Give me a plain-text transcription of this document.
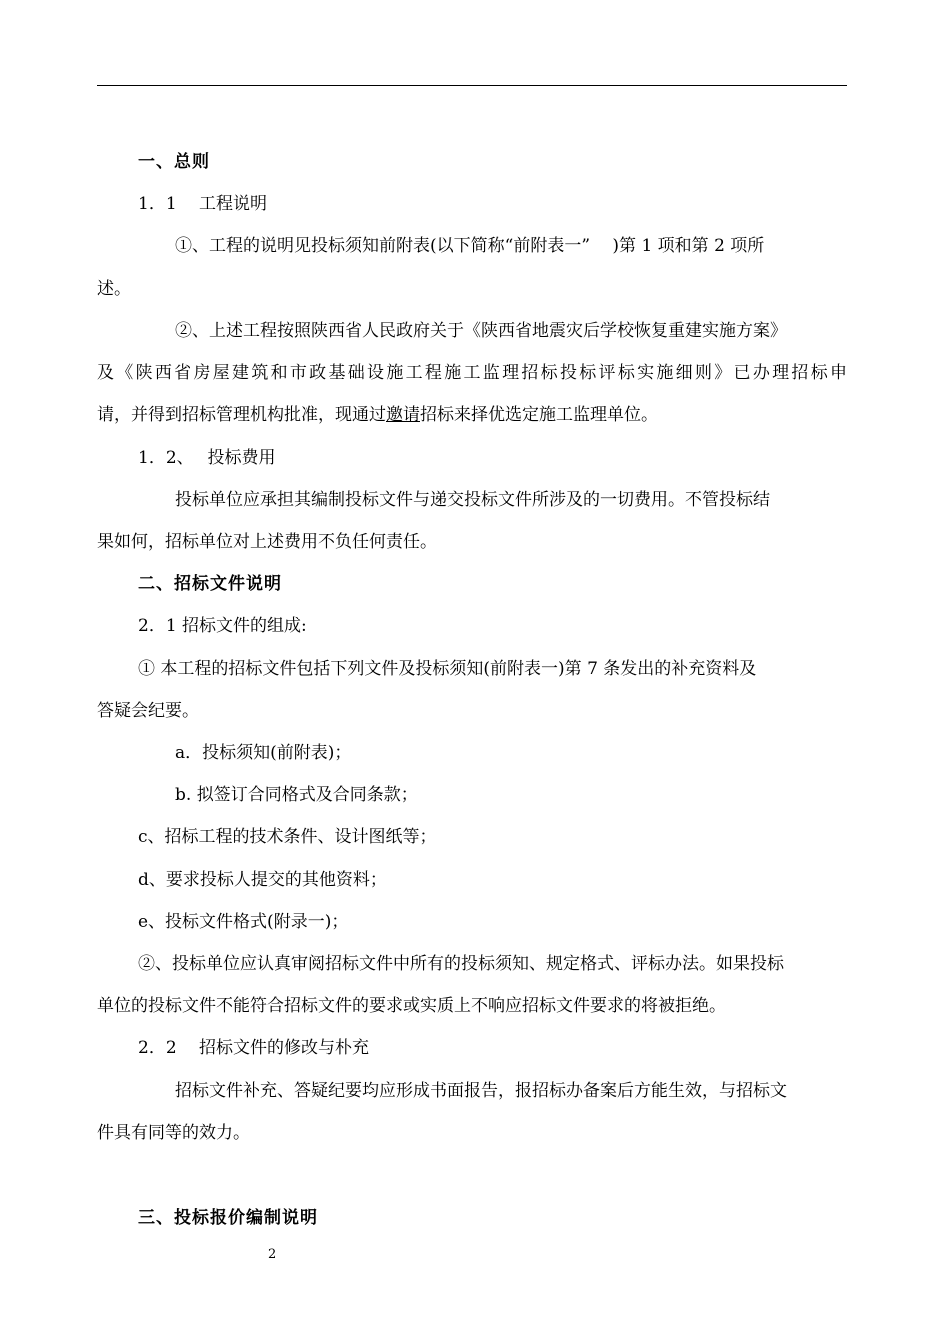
一、总则
1．1　 工程说明
①、工程的说明见投标须知前附表(以下简称“前附表一”　 )第 1 项和第 2 项所
述。
②、上述工程按照陕西省人民政府关于《陕西省地震灾后学校恢复重建实施方案》
及《陕西省房屋建筑和市政基础设施工程施工监理招标投标评标实施细则》已办理招标申
请，并得到招标管理机构批准，现通过邀请招标来择优选定施工监理单位。
1．2、　 投标费用
投标单位应承担其编制投标文件与递交投标文件所涉及的一切费用。不管投标结
果如何，招标单位对上述费用不负任何责任。
二、招标文件说明
2．1 招标文件的组成:
① 本工程的招标文件包括下列文件及投标须知(前附表一)第 7 条发出的补充资料及
答疑会纪要。
a．投标须知(前附表)；
b. 拟签订合同格式及合同条款；
c、招标工程的技术条件、设计图纸等；
d、要求投标人提交的其他资料；
e、投标文件格式(附录一)；
②、投标单位应认真审阅招标文件中所有的投标须知、规定格式、评标办法。如果投标
单位的投标文件不能符合招标文件的要求或实质上不响应招标文件要求的将被拒绝。
2．2　 招标文件的修改与朴充
招标文件补充、答疑纪要均应形成书面报告，报招标办备案后方能生效，与招标文
件具有同等的效力。
三、投标报价编制说明
2
